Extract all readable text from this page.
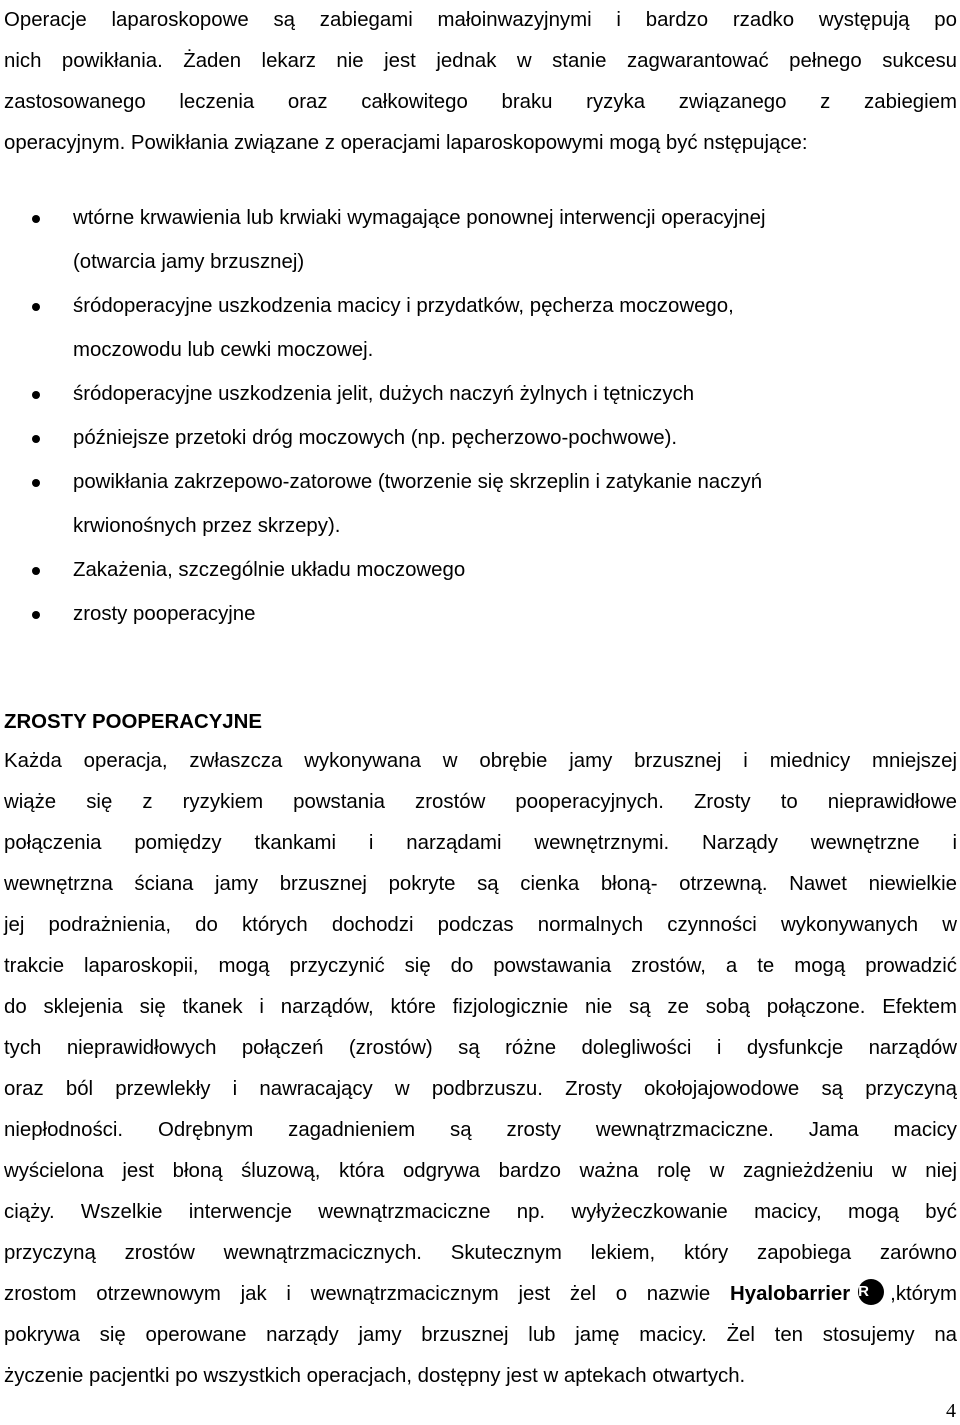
Operacje laparoskopowe są zabiegami małoinwazyjnymi i bardzo rzadko występują po
nich powikłania. Żaden lekarz nie jest jednak w stanie zagwarantować pełnego sukcesu
zastosowanego leczenia oraz całkowitego braku ryzyka związanego z zabiegiem
operacyjnym. Powikłania związane z operacjami laparoskopowymi mogą być nstępujące:
wtórne krwawienia lub krwiaki wymagające ponownej interwencji operacyjnej
(otwarcia jamy brzusznej)
śródoperacyjne uszkodzenia macicy i przydatków, pęcherza moczowego,
moczowodu lub cewki moczowej.
śródoperacyjne uszkodzenia jelit, dużych naczyń żylnych i tętniczych
późniejsze przetoki dróg moczowych (np. pęcherzowo-pochwowe).
powikłania zakrzepowo-zatorowe (tworzenie się skrzeplin i zatykanie naczyń
krwionośnych przez skrzepy).
Zakażenia, szczególnie układu moczowego
zrosty pooperacyjne
ZROSTY POOPERACYJNE
Każda operacja, zwłaszcza wykonywana w obrębie jamy brzusznej i miednicy mniejszej
wiąże się z ryzykiem powstania zrostów pooperacyjnych. Zrosty to nieprawidłowe
połączenia pomiędzy tkankami i narządami wewnętrznymi. Narządy wewnętrzne i
wewnętrzna ściana jamy brzusznej pokryte są cienka błoną- otrzewną. Nawet niewielkie
jej podrażnienia, do których dochodzi podczas normalnych czynności wykonywanych w
trakcie laparoskopii, mogą przyczynić się do powstawania zrostów, a te mogą prowadzić
do sklejenia się tkanek i narządów, które fizjologicznie nie są ze sobą połączone. Efektem
tych nieprawidłowych połączeń (zrostów) są różne dolegliwości i dysfunkcje narządów
oraz ból przewlekły i nawracający w podbrzuszu. Zrosty okołojajowodowe są przyczyną
niepłodności. Odrębnym zagadnieniem są zrosty wewnątrzmaciczne. Jama macicy
wyścielona jest błoną śluzową, która odgrywa bardzo ważna rolę w zagnieżdżeniu w niej
ciąży. Wszelkie interwencje wewnątrzmaciczne np. wyłyżeczkowanie macicy, mogą być
przyczyną zrostów wewnątrzmacicznych. Skutecznym lekiem, który zapobiega zarówno
zrostom otrzewnowym jak i wewnątrzmacicznym jest żel o nazwie Hyalobarrier R	,którym
pokrywa się operowane narządy jamy brzusznej lub jamę macicy. Żel ten stosujemy na
życzenie pacjentki po wszystkich operacjach, dostępny jest w aptekach otwartych.
4
